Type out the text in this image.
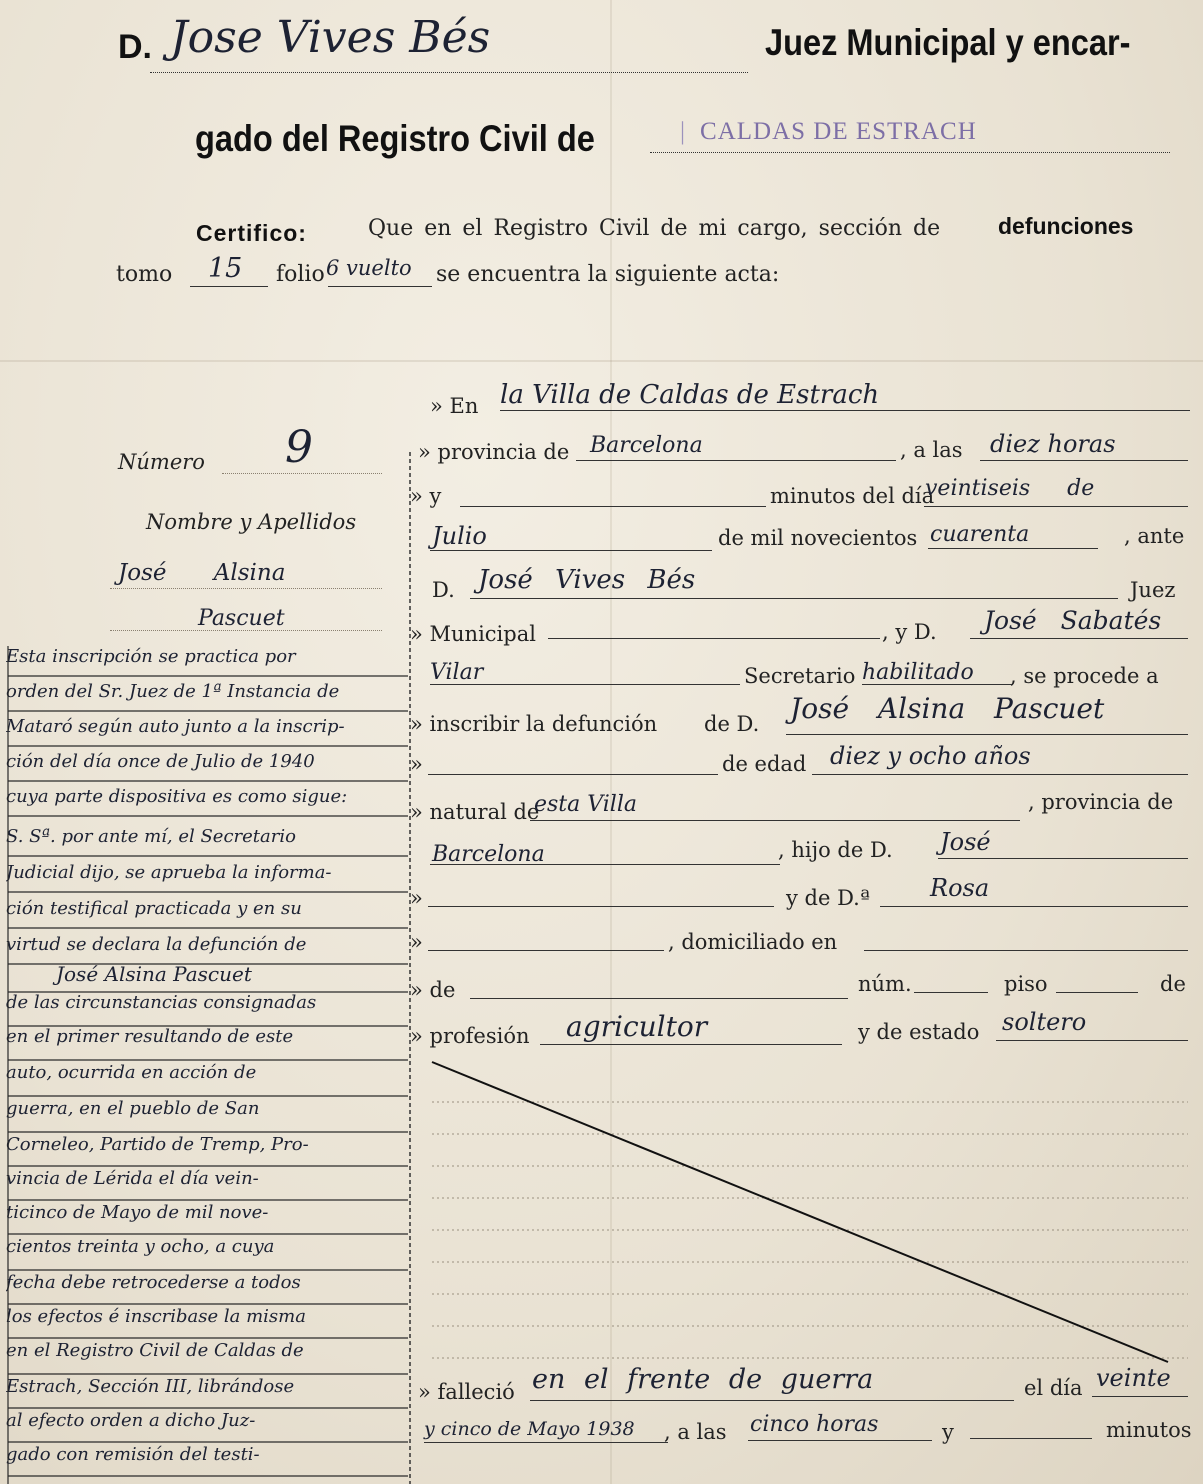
D. Jose Vives Bés	Juez Municipal y encar-
gado del Registro Civil de	| CALDAS DE ESTRACH
Certifico:	Que en el Registro Civil de mi cargo, sección de	defunciones
tomo 15 folio 6 vuelto se encuentra la siguiente acta:
Número 9
Nombre y Apellidos
José Alsina
Pascuet
Esta inscripción se practica por
orden del Sr. Juez de 1ª Instancia de
Mataró según auto junto a la inscrip-
ción del día once de Julio de 1940
cuya parte dispositiva es como sigue:
S. Sª. por ante mí, el Secretario
Judicial dijo, se aprueba la informa-
ción testifical practicada y en su
virtud se declara la defunción de
José Alsina Pascuet
de las circunstancias consignadas
en el primer resultando de este
auto, ocurrida en acción de
guerra, en el pueblo de San
Corneleo, Partido de Tremp, Pro-
vincia de Lérida el día vein-
ticinco de Mayo de mil nove-
cientos treinta y ocho, a cuya
fecha debe retrocederse a todos
los efectos é inscribase la misma
en el Registro Civil de Caldas de
Estrach, Sección III, librándose
al efecto orden a dicho Juz-
gado con remisión del testi-
» En la Villa de Caldas de Estrach
» provincia de Barcelona	, a las diez horas
» y	minutos del día
veintiseis de
Julio	de mil novecientos cuarenta	, ante
D. José Vives Bés	Juez
» Municipal	, y D. José Sabatés
Vilar	Secretario habilitado , se procede a
» inscribir la defunción de D. José Alsina Pascuet
»	de edad diez y ocho años
» natural de
esta Villa	, provincia de
Barcelona	, hijo de D. José
»	y de D.ª	Rosa
»	, domiciliado en
» de	núm.	piso	de
» profesión agricultor	y de estado soltero
» falleció en el frente de guerra	el día veinte
y cinco de Mayo 1938 , a las cinco horas	y	minutos
